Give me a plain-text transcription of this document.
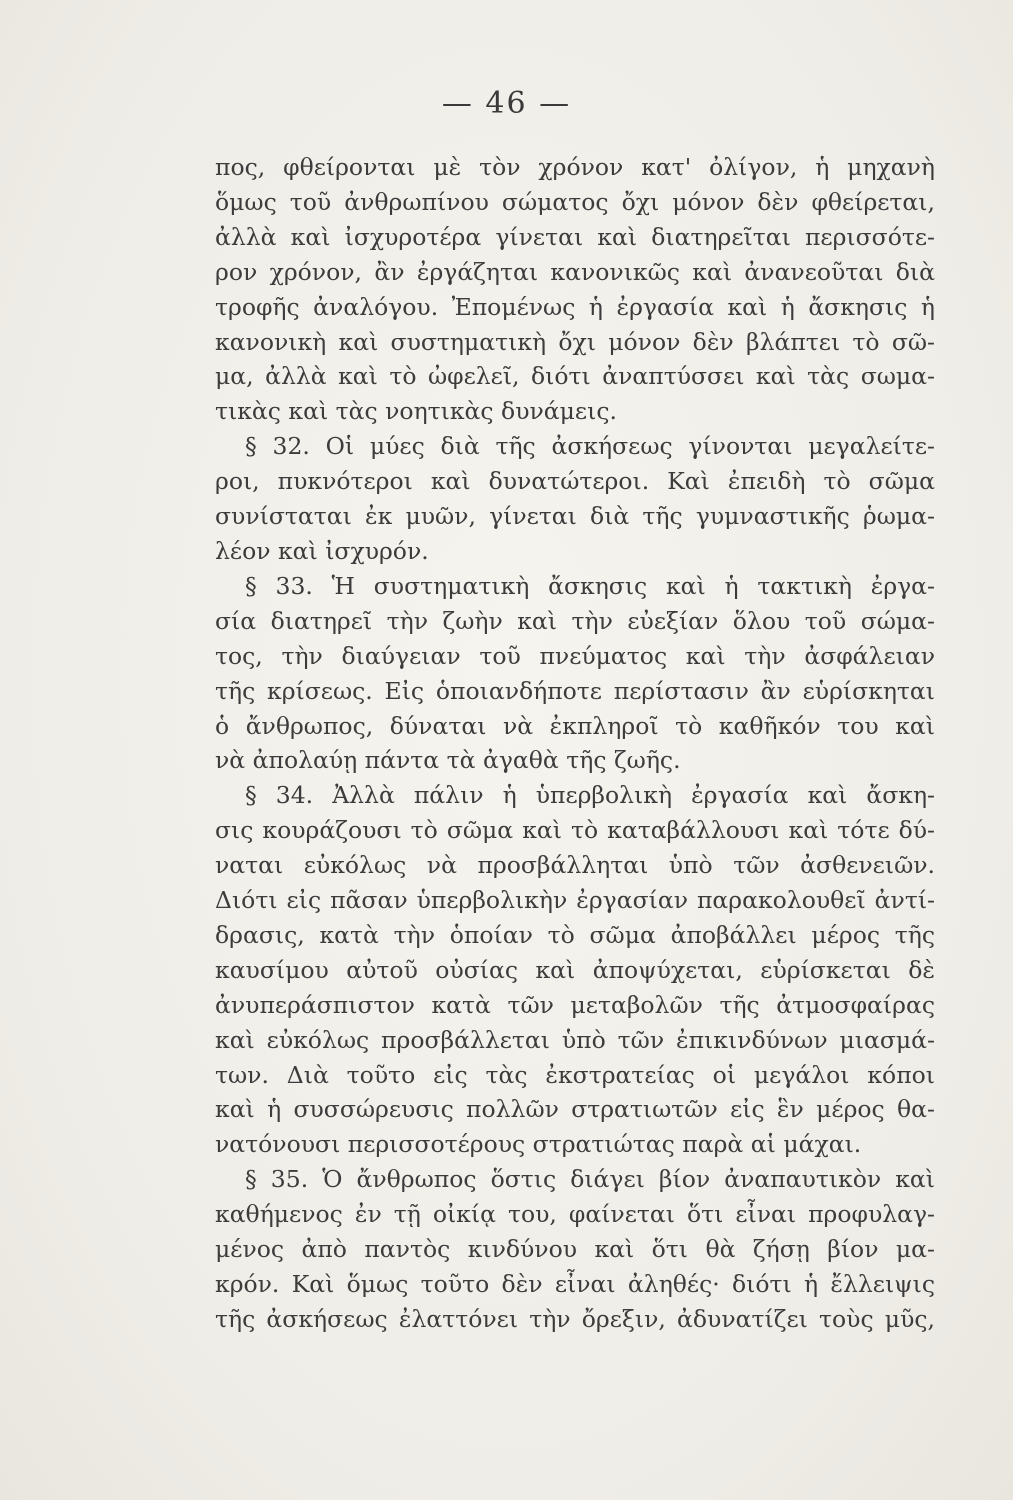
— 46 —
πος, φθείρονται μὲ τὸν χρόνον κατ' ὀλίγον, ἡ μηχανὴ
ὅμως τοῦ ἀνθρωπίνου σώματος ὄχι μόνον δὲν φθείρεται,
ἀλλὰ καὶ ἰσχυροτέρα γίνεται καὶ διατηρεῖται περισσότε-
ρον χρόνον, ἂν ἐργάζηται κανονικῶς καὶ ἀνανεοῦται διὰ
τροφῆς ἀναλόγου. Ἐπομένως ἡ ἐργασία καὶ ἡ ἄσκησις ἡ
κανονικὴ καὶ συστηματικὴ ὄχι μόνον δὲν βλάπτει τὸ σῶ-
μα, ἀλλὰ καὶ τὸ ὠφελεῖ, διότι ἀναπτύσσει καὶ τὰς σωμα-
τικὰς καὶ τὰς νοητικὰς δυνάμεις.
§ 32. Οἱ μύες διὰ τῆς ἀσκήσεως γίνονται μεγαλείτε-
ροι, πυκνότεροι καὶ δυνατώτεροι. Καὶ ἐπειδὴ τὸ σῶμα
συνίσταται ἐκ μυῶν, γίνεται διὰ τῆς γυμναστικῆς ῥωμα-
λέον καὶ ἰσχυρόν.
§ 33. Ἡ συστηματικὴ ἄσκησις καὶ ἡ τακτικὴ ἐργα-
σία διατηρεῖ τὴν ζωὴν καὶ τὴν εὐεξίαν ὅλου τοῦ σώμα-
τος, τὴν διαύγειαν τοῦ πνεύματος καὶ τὴν ἀσφάλειαν
τῆς κρίσεως. Εἰς ὁποιανδήποτε περίστασιν ἂν εὑρίσκηται
ὁ ἄνθρωπος, δύναται νὰ ἐκπληροῖ τὸ καθῆκόν του καὶ
νὰ ἀπολαύῃ πάντα τὰ ἀγαθὰ τῆς ζωῆς.
§ 34. Ἀλλὰ πάλιν ἡ ὑπερβολικὴ ἐργασία καὶ ἄσκη-
σις κουράζουσι τὸ σῶμα καὶ τὸ καταβάλλουσι καὶ τότε δύ-
ναται εὐκόλως νὰ προσβάλληται ὑπὸ τῶν ἀσθενειῶν.
Διότι εἰς πᾶσαν ὑπερβολικὴν ἐργασίαν παρακολουθεῖ ἀντί-
δρασις, κατὰ τὴν ὁποίαν τὸ σῶμα ἀποβάλλει μέρος τῆς
καυσίμου αὐτοῦ οὐσίας καὶ ἀποψύχεται, εὑρίσκεται δὲ
ἀνυπεράσπιστον κατὰ τῶν μεταβολῶν τῆς ἀτμοσφαίρας
καὶ εὐκόλως προσβάλλεται ὑπὸ τῶν ἐπικινδύνων μιασμά-
των. Διὰ τοῦτο εἰς τὰς ἐκστρατείας οἱ μεγάλοι κόποι
καὶ ἡ συσσώρευσις πολλῶν στρατιωτῶν εἰς ἓν μέρος θα-
νατόνουσι περισσοτέρους στρατιώτας παρὰ αἱ μάχαι.
§ 35. Ὁ ἄνθρωπος ὅστις διάγει βίον ἀναπαυτικὸν καὶ
καθήμενος ἐν τῇ οἰκίᾳ του, φαίνεται ὅτι εἶναι προφυλαγ-
μένος ἀπὸ παντὸς κινδύνου καὶ ὅτι θὰ ζήσῃ βίον μα-
κρόν. Καὶ ὅμως τοῦτο δὲν εἶναι ἀληθές· διότι ἡ ἔλλειψις
τῆς ἀσκήσεως ἐλαττόνει τὴν ὄρεξιν, ἀδυνατίζει τοὺς μῦς,
